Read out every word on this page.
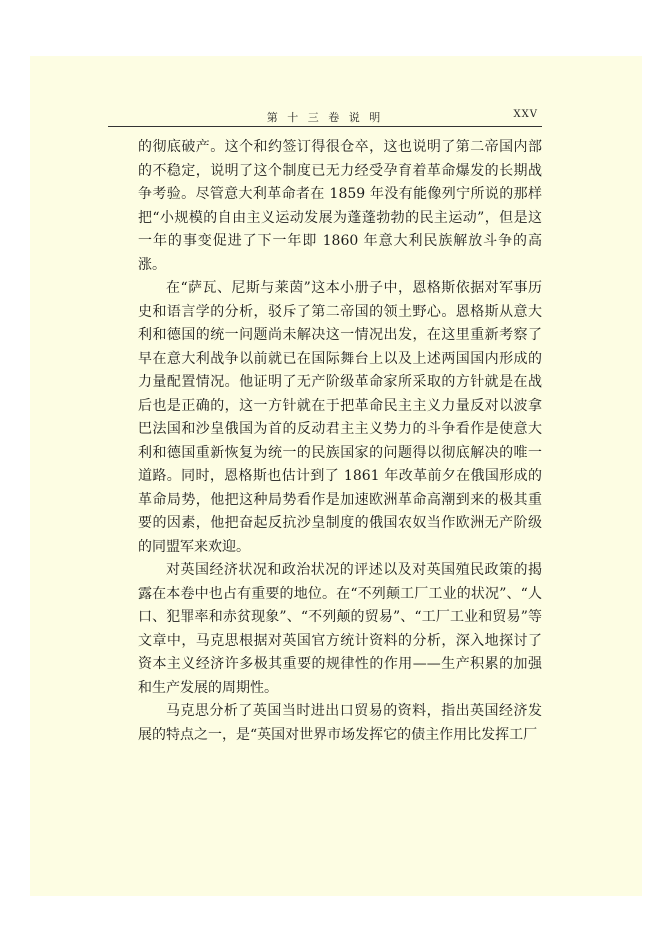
第 十 三 卷 说 明	XXV

的彻底破产。这个和约签订得很仓卒，这也说明了第二帝国内部的不稳定，说明了这个制度已无力经受孕育着革命爆发的长期战争考验。尽管意大利革命者在 1859 年没有能像列宁所说的那样把“小规模的自由主义运动发展为蓬蓬勃勃的民主运动”，但是这一年的事变促进了下一年即 1860 年意大利民族解放斗争的高涨。

在“萨瓦、尼斯与莱茵”这本小册子中，恩格斯依据对军事历史和语言学的分析，驳斥了第二帝国的领土野心。恩格斯从意大利和德国的统一问题尚未解决这一情况出发，在这里重新考察了早在意大利战争以前就已在国际舞台上以及上述两国国内形成的力量配置情况。他证明了无产阶级革命家所采取的方针就是在战后也是正确的，这一方针就在于把革命民主主义力量反对以波拿巴法国和沙皇俄国为首的反动君主主义势力的斗争看作是使意大利和德国重新恢复为统一的民族国家的问题得以彻底解决的唯一道路。同时，恩格斯也估计到了 1861 年改革前夕在俄国形成的革命局势，他把这种局势看作是加速欧洲革命高潮到来的极其重要的因素，他把奋起反抗沙皇制度的俄国农奴当作欧洲无产阶级的同盟军来欢迎。

对英国经济状况和政治状况的评述以及对英国殖民政策的揭露在本卷中也占有重要的地位。在“不列颠工厂工业的状况”、“人口、犯罪率和赤贫现象”、“不列颠的贸易”、“工厂工业和贸易”等文章中，马克思根据对英国官方统计资料的分析，深入地探讨了资本主义经济许多极其重要的规律性的作用——生产积累的加强和生产发展的周期性。

马克思分析了英国当时进出口贸易的资料，指出英国经济发展的特点之一，是“英国对世界市场发挥它的债主作用比发挥工厂
